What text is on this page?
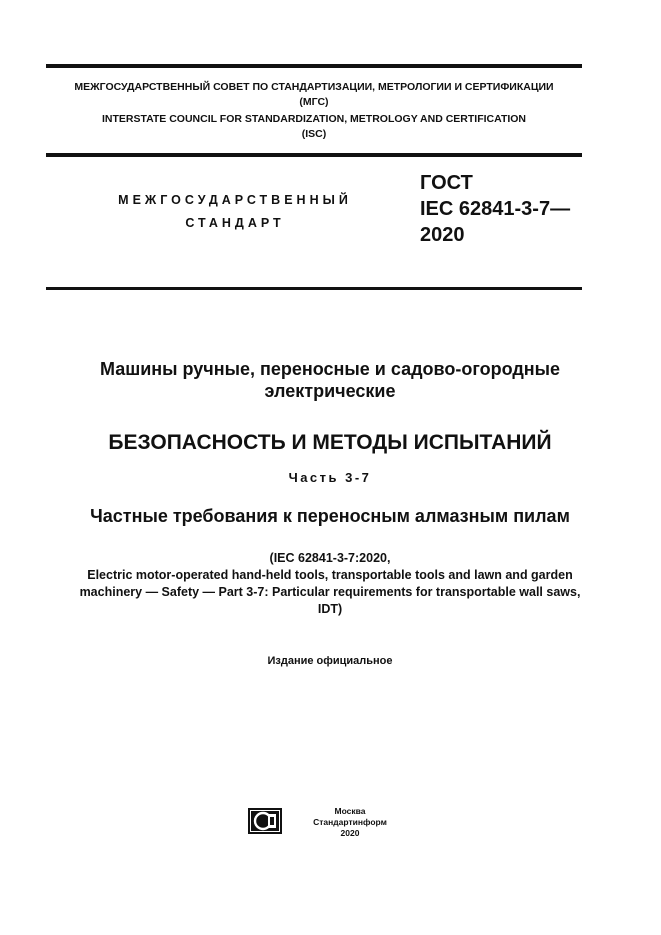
МЕЖГОСУДАРСТВЕННЫЙ СОВЕТ ПО СТАНДАРТИЗАЦИИ, МЕТРОЛОГИИ И СЕРТИФИКАЦИИ
(МГС)
INTERSTATE COUNCIL FOR STANDARDIZATION, METROLOGY AND CERTIFICATION
(ISC)
МЕЖГОСУДАРСТВЕННЫЙ
СТАНДАРТ
ГОСТ
IEC 62841-3-7—
2020
Машины ручные, переносные и садово-огородные
электрические
БЕЗОПАСНОСТЬ И МЕТОДЫ ИСПЫТАНИЙ
Часть 3-7
Частные требования к переносным алмазным пилам
(IEC 62841-3-7:2020,
Electric motor-operated hand-held tools, transportable tools and lawn and garden
machinery — Safety — Part 3-7: Particular requirements for transportable wall saws,
IDT)
Издание официальное
Москва
Стандартинформ
2020
